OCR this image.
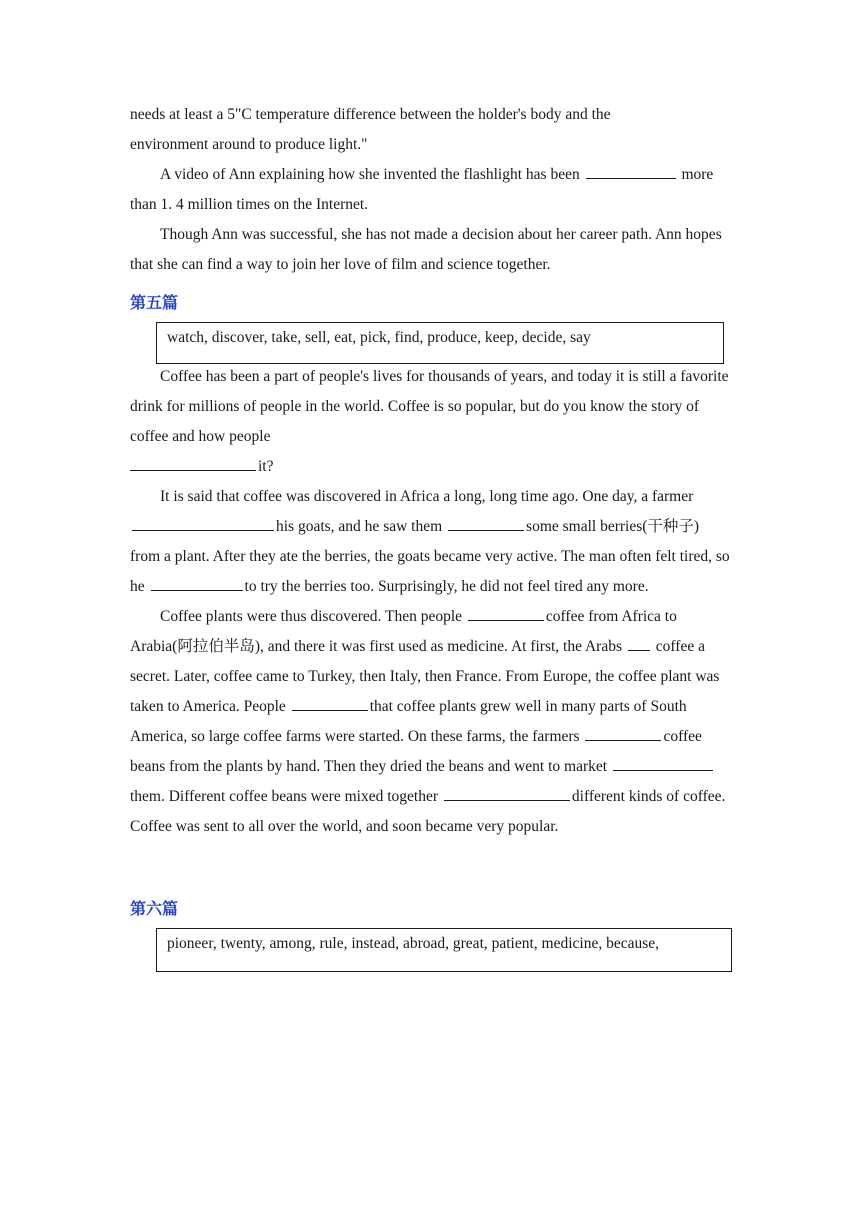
needs at least a 5"C temperature difference between the holder's body and the
environment around to produce light."

A video of Ann explaining how she invented the flashlight has been	more than 1. 4 million times on the Internet.

Though Ann was successful, she has not made a decision about her career path. Ann hopes that she can find a way to join her love of film and science together.

第五篇
watch, discover, take, sell, eat, pick, find, produce, keep, decide, say

Coffee has been a part of people's lives for thousands of years, and today it is still a favorite drink for millions of people in the world. Coffee is so popular, but do you know the story of coffee and how people

it?

It is said that coffee was discovered in Africa a long, long time ago. One day, a farmer his goats, and he saw them	some small berries(干种子) from a plant. After they ate the berries, the goats became very active. The man often felt tired, so he	to try the berries too. Surprisingly, he did not feel tired any more.

Coffee plants were thus discovered. Then people	coffee from Africa to Arabia(阿拉伯半岛), and there it was first used as medicine. At first, the Arabs coffee a secret. Later, coffee came to Turkey, then Italy, then France. From Europe, the coffee plant was taken to America. People	that coffee plants grew well in many parts of South America, so large coffee farms were started. On these farms, the farmers	coffee beans from the plants by hand. Then they dried the beans and went to market them. Different coffee beans were mixed together	different kinds of coffee. Coffee was sent to all over the world, and soon became very popular.

第六篇
pioneer, twenty, among, rule, instead, abroad, great, patient, medicine, because,
